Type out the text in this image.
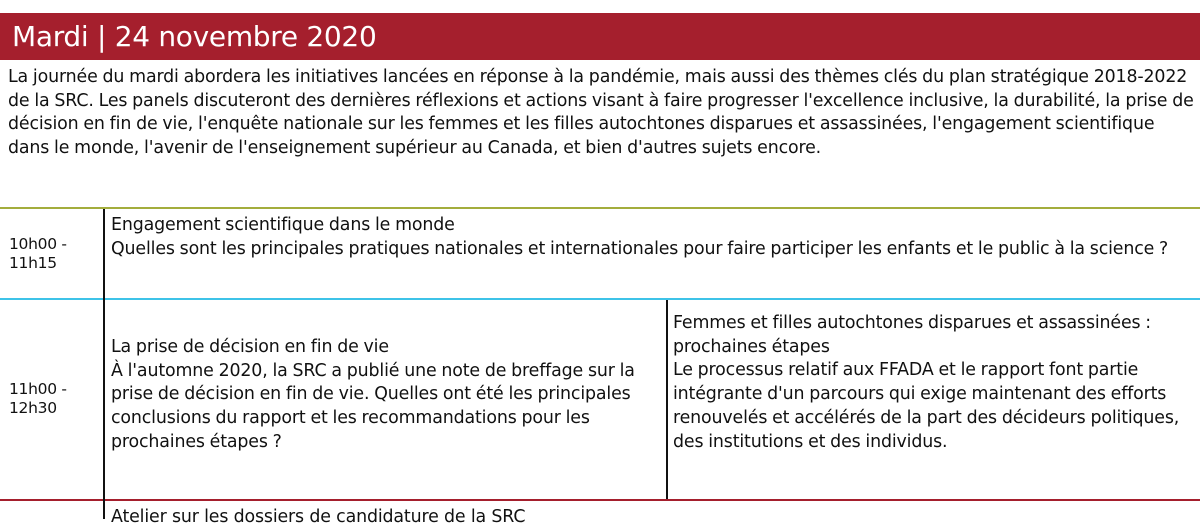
Mardi | 24 novembre 2020

La journée du mardi abordera les initiatives lancées en réponse à la pandémie, mais aussi des thèmes clés du plan stratégique 2018-2022 de la SRC. Les panels discuteront des dernières réflexions et actions visant à faire progresser l'excellence inclusive, la durabilité, la prise de décision en fin de vie, l'enquête nationale sur les femmes et les filles autochtones disparues et assassinées, l'engagement scientifique dans le monde, l'avenir de l'enseignement supérieur au Canada, et bien d'autres sujets encore.

10h00 -
11h15
Engagement scientifique dans le monde
Quelles sont les principales pratiques nationales et internationales pour faire participer les enfants et le public à la science ?
11h00 -
12h30
La prise de décision en fin de vie
À l'automne 2020, la SRC a publié une note de breffage sur la prise de décision en fin de vie. Quelles ont été les principales conclusions du rapport et les recommandations pour les prochaines étapes ?
Femmes et filles autochtones disparues et assassinées : prochaines étapes
Le processus relatif aux FFADA et le rapport font partie intégrante d'un parcours qui exige maintenant des efforts renouvelés et accélérés de la part des décideurs politiques, des institutions et des individus.
Atelier sur les dossiers de candidature de la SRC
